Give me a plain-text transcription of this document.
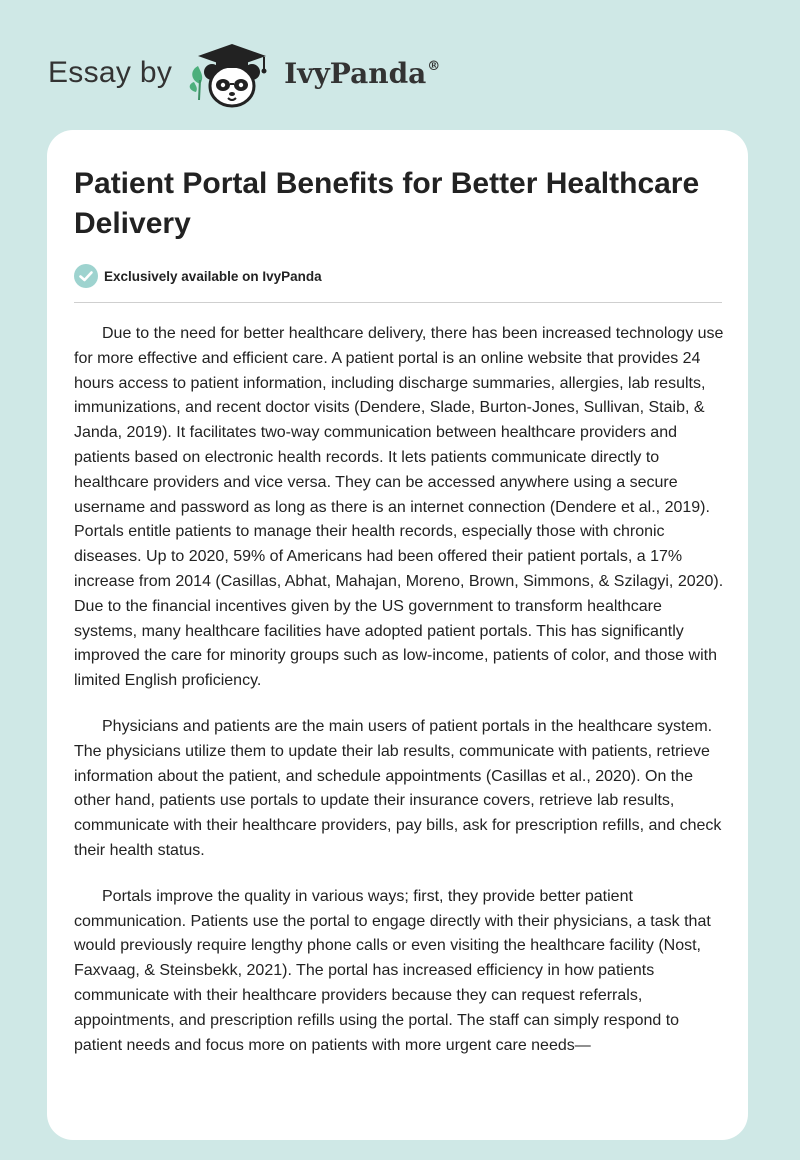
Essay by	IvyPanda®
Patient Portal Benefits for Better Healthcare Delivery
Exclusively available on IvyPanda

Due to the need for better healthcare delivery, there has been increased technology use for more effective and efficient care. A patient portal is an online website that provides 24 hours access to patient information, including discharge summaries, allergies, lab results, immunizations, and recent doctor visits (Dendere, Slade, Burton-Jones, Sullivan, Staib, & Janda, 2019). It facilitates two-way communication between healthcare providers and patients based on electronic health records. It lets patients communicate directly to healthcare providers and vice versa. They can be accessed anywhere using a secure username and password as long as there is an internet connection (Dendere et al., 2019). Portals entitle patients to manage their health records, especially those with chronic diseases. Up to 2020, 59% of Americans had been offered their patient portals, a 17% increase from 2014 (Casillas, Abhat, Mahajan, Moreno, Brown, Simmons, & Szilagyi, 2020). Due to the financial incentives given by the US government to transform healthcare systems, many healthcare facilities have adopted patient portals. This has significantly improved the care for minority groups such as low-income, patients of color, and those with limited English proficiency.

Physicians and patients are the main users of patient portals in the healthcare system. The physicians utilize them to update their lab results, communicate with patients, retrieve information about the patient, and schedule appointments (Casillas et al., 2020). On the other hand, patients use portals to update their insurance covers, retrieve lab results, communicate with their healthcare providers, pay bills, ask for prescription refills, and check their health status.

Portals improve the quality in various ways; first, they provide better patient communication. Patients use the portal to engage directly with their physicians, a task that would previously require lengthy phone calls or even visiting the healthcare facility (Nost, Faxvaag, & Steinsbekk, 2021). The portal has increased efficiency in how patients communicate with their healthcare providers because they can request referrals, appointments, and prescription refills using the portal. The staff can simply respond to patient needs and focus more on patients with more urgent care needs—
